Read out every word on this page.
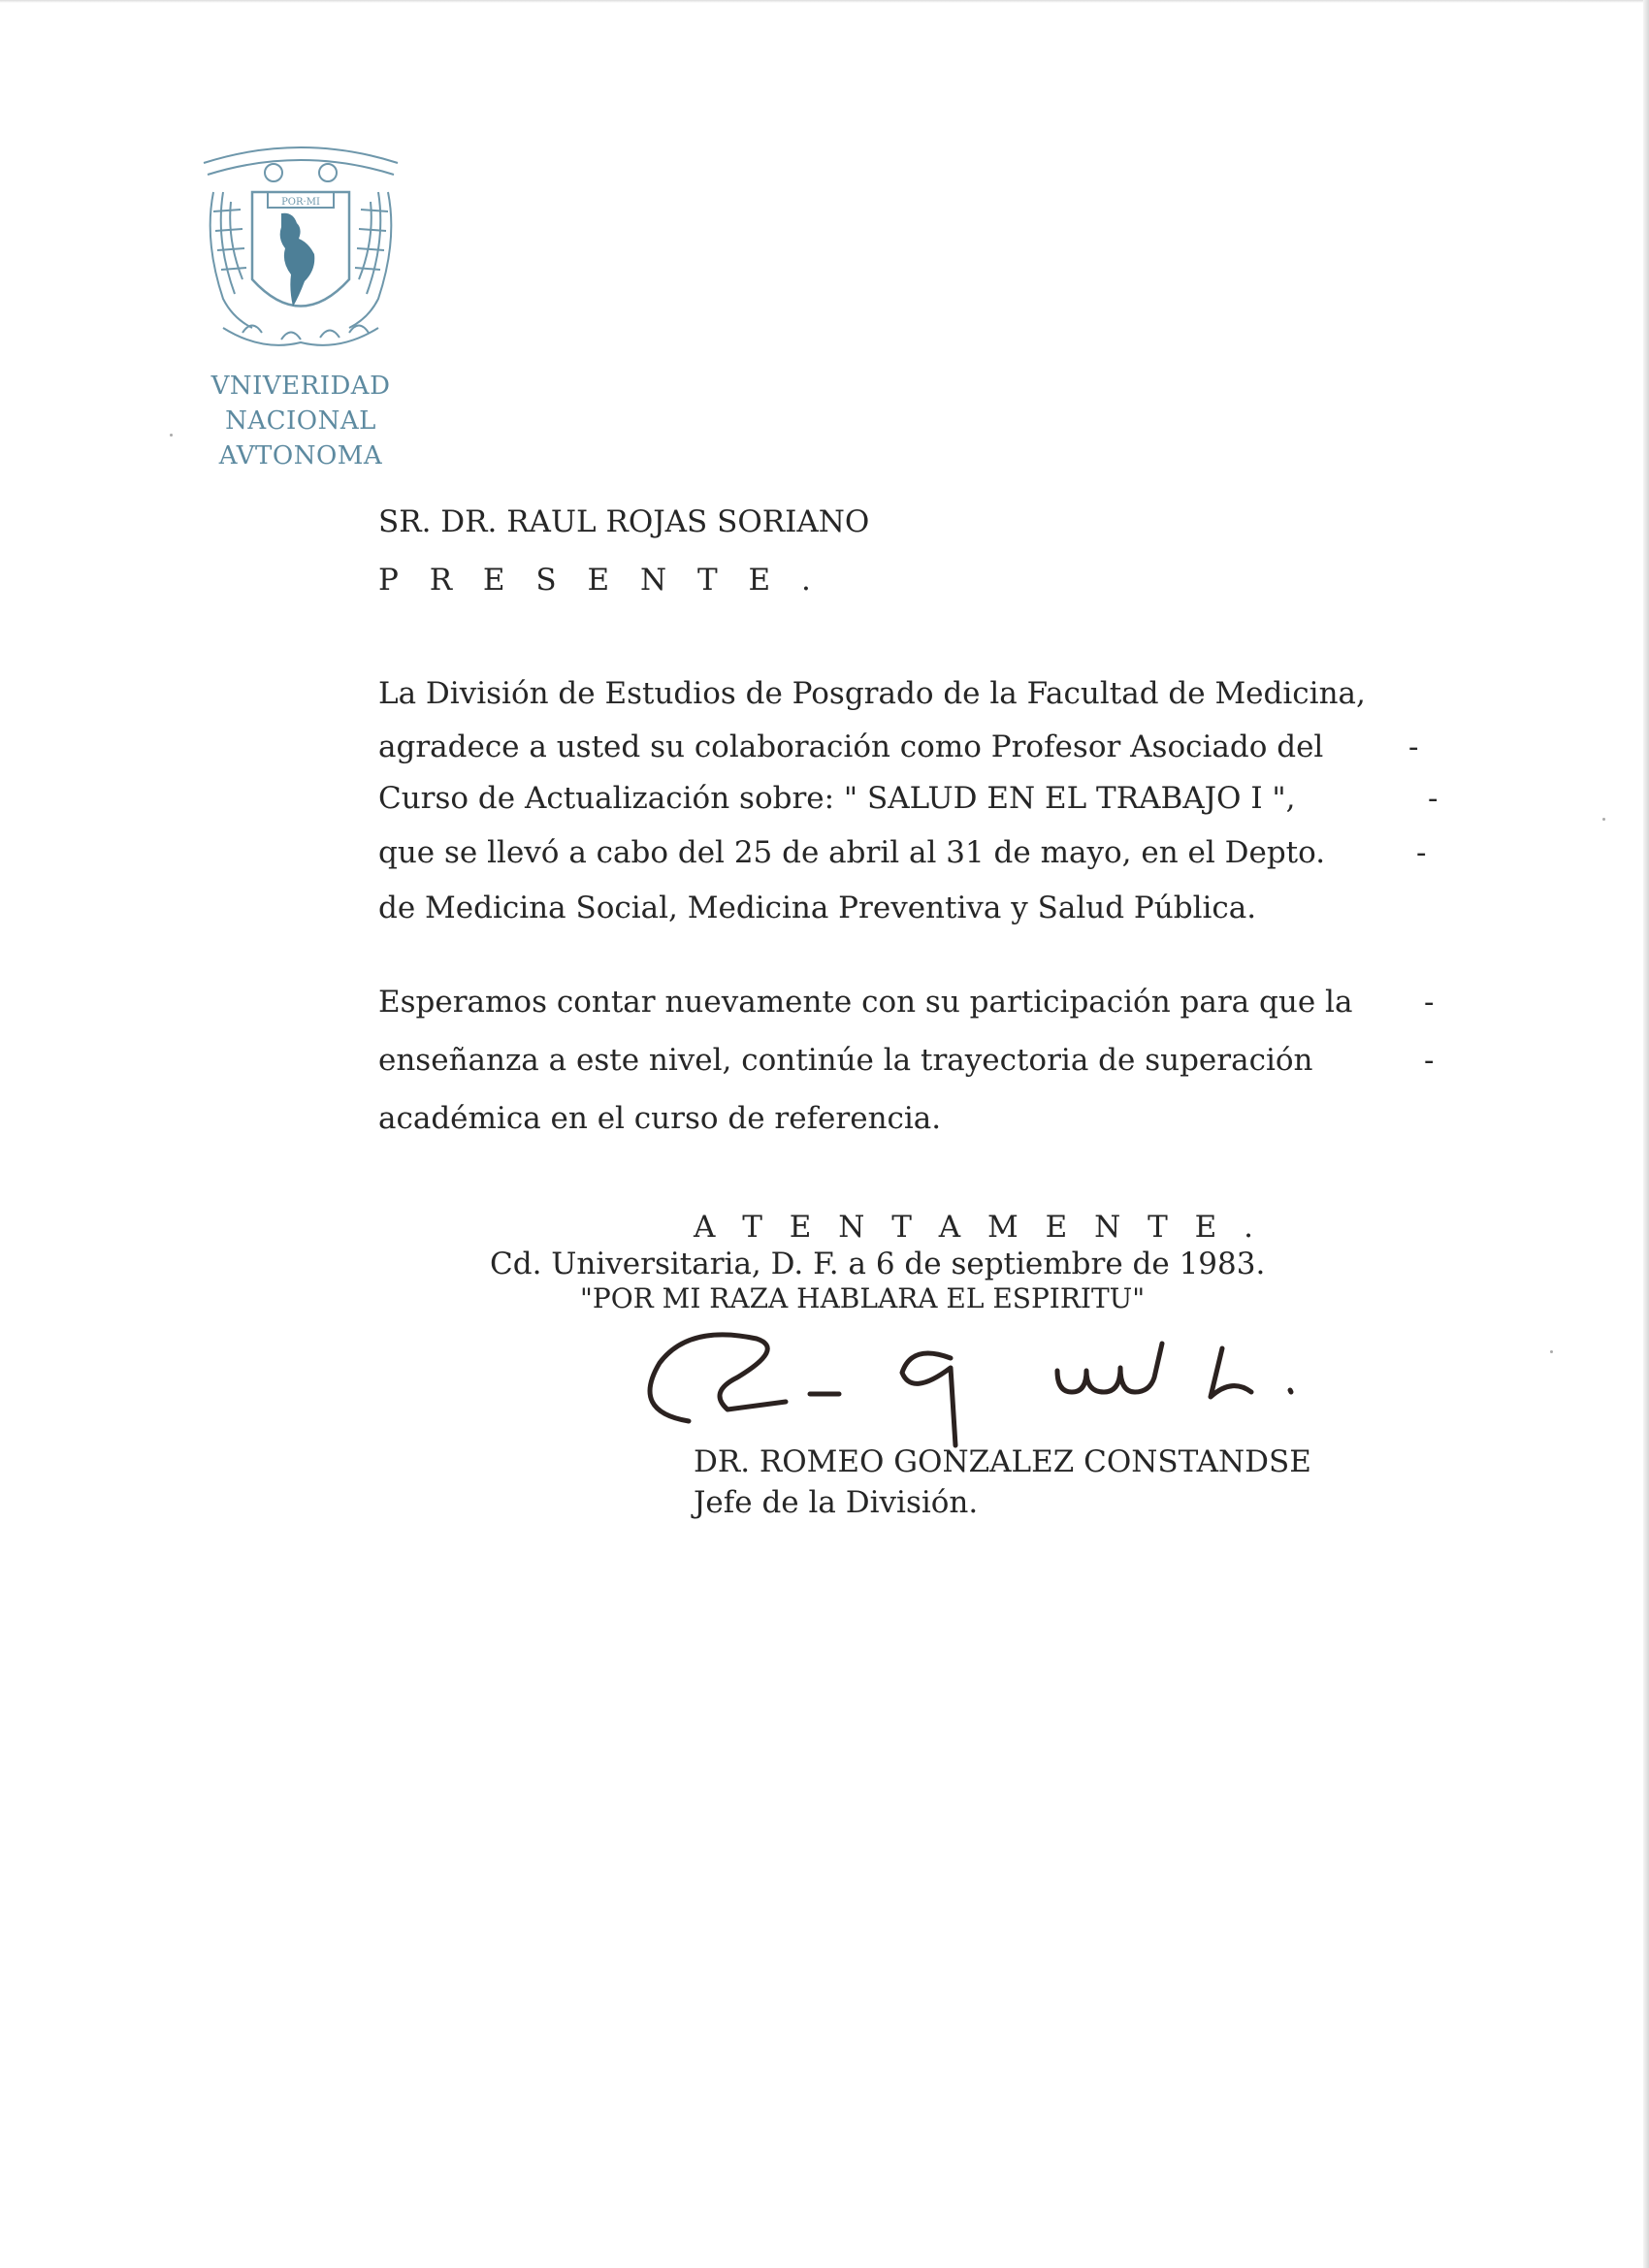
POR·MI
VNIVERIDAD NACIONAL
AVTONOMA
SR. DR. RAUL ROJAS SORIANO
P R E S E N T E .
La División de Estudios de Posgrado de la Facultad de Medicina,
agradece a usted su colaboración como Profesor Asociado del	-
Curso de Actualización sobre: " SALUD EN EL TRABAJO I ",	-
que se llevó a cabo del 25 de abril al 31 de mayo, en el Depto.	-
de Medicina Social, Medicina Preventiva y Salud Pública.
Esperamos contar nuevamente con su participación para que la -
enseñanza a este nivel, continúe la trayectoria de superación	-
académica en el curso de referencia.
A T E N T A M E N T E .
Cd. Universitaria, D. F. a 6 de septiembre de 1983.
"POR MI RAZA HABLARA EL ESPIRITU"
DR. ROMEO GONZALEZ CONSTANDSE
Jefe de la División.
